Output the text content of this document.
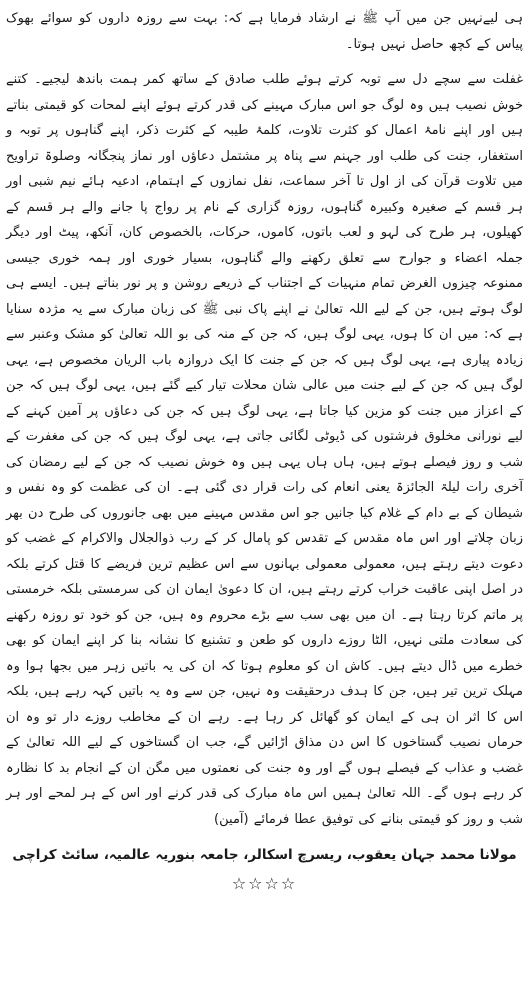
ہی لیےنہیں جن میں آپ ﷺ نے ارشاد فرمایا ہے کہ: بہت سے روزہ داروں کو سوائے بھوک پیاس کے کچھ حاصل نہیں ہوتا۔

غفلت سے سچے دل سے توبہ کرتے ہوئے طلب صادق کے ساتھ کمر ہمت باندھ لیجیے۔ کتنے خوش نصیب ہیں وہ لوگ جو اس مبارک مہینے کی قدر کرتے ہوئے اپنے لمحات کو قیمتی بناتے ہیں اور اپنے نامۂ اعمال کو کثرت تلاوت، کلمۂ طیبہ کے کثرت ذکر، اپنے گناہوں پر توبہ و استغفار، جنت کی طلب اور جہنم سے پناہ پر مشتمل دعاؤں اور نماز پنجگانہ وصلوۃ تراویح میں تلاوت قرآن کی از اول تا آخر سماعت، نفل نمازوں کے اہتمام، ادعیہ ہائے نیم شبی اور ہر قسم کے صغیرہ وکبیرہ گناہوں، روزہ گزاری کے نام پر رواج پا جانے والے ہر قسم کے کھیلوں، ہر طرح کی لہو و لعب باتوں، کاموں، حرکات، بالخصوص کان، آنکھ، پیٹ اور دیگر جملہ اعضاء و جوارح سے تعلق رکھنے والے گناہوں، بسیار خوری اور ہمہ خوری جیسی ممنوعہ چیزوں الغرض تمام منہیات کے اجتناب کے ذریعے روشن و پر نور بناتے ہیں۔ ایسے ہی لوگ ہوتے ہیں، جن کے لیے اللہ تعالیٰ نے اپنے پاک نبی ﷺ کی زبان مبارک سے یہ مژدہ سنایا ہے کہ: میں ان کا ہوں، یہی لوگ ہیں، کہ جن کے منہ کی بو اللہ تعالیٰ کو مشک وعنبر سے زیادہ پیاری ہے، یہی لوگ ہیں کہ جن کے جنت کا ایک دروازہ باب الریان مخصوص ہے، یہی لوگ ہیں کہ جن کے لیے جنت میں عالی شان محلات تیار کیے گئے ہیں، یہی لوگ ہیں کہ جن کے اعزاز میں جنت کو مزین کیا جاتا ہے، یہی لوگ ہیں کہ جن کی دعاؤں پر آمین کہنے کے لیے نورانی مخلوق فرشتوں کی ڈیوٹی لگائی جاتی ہے، یہی لوگ ہیں کہ جن کی مغفرت کے شب و روز فیصلے ہوتے ہیں، ہاں ہاں یہی ہیں وہ خوش نصیب کہ جن کے لیے رمضان کی آخری رات لیلۃ الجائزۃ یعنی انعام کی رات قرار دی گئی ہے۔ ان کی عظمت کو وہ نفس و شیطان کے بے دام کے غلام کیا جانیں جو اس مقدس مہینے میں بھی جانوروں کی طرح دن بھر زبان چلاتے اور اس ماہ مقدس کے تقدس کو پامال کر کے رب ذوالجلال والاکرام کے غضب کو دعوت دیتے رہتے ہیں، معمولی معمولی بہانوں سے اس عظیم ترین فریضے کا قتل کرتے بلکہ در اصل اپنی عاقبت خراب کرتے رہتے ہیں، ان کا دعویٰ ایمان ان کی سرمستی بلکہ خرمستی پر ماتم کرتا رہتا ہے۔ ان میں بھی سب سے بڑے محروم وہ ہیں، جن کو خود تو روزہ رکھنے کی سعادت ملتی نہیں، الٹا روزے داروں کو طعن و تشنیع کا نشانہ بنا کر اپنے ایمان کو بھی خطرے میں ڈال دیتے ہیں۔ کاش ان کو معلوم ہوتا کہ ان کی یہ باتیں زہر میں بجھا ہوا وہ مہلک ترین تیر ہیں، جن کا ہدف درحقیقت وہ نہیں، جن سے وہ یہ باتیں کہہ رہے ہیں، بلکہ اس کا اثر ان ہی کے ایمان کو گھائل کر رہا ہے۔ رہے ان کے مخاطب روزے دار تو وہ ان حرماں نصیب گستاخوں کا اس دن مذاق اڑائیں گے، جب ان گستاخوں کے لیے اللہ تعالیٰ کے غضب و عذاب کے فیصلے ہوں گے اور وہ جنت کی نعمتوں میں مگن ان کے انجام بد کا نظارہ کر رہے ہوں گے۔ اللہ تعالیٰ ہمیں اس ماہ مبارک کی قدر کرنے اور اس کے ہر لمحے اور ہر شب و روز کو قیمتی بنانے کی توفیق عطا فرمائے (آمین)

مولانا محمد جہان یعقوب، ریسرچ اسکالر، جامعہ بنوریہ عالمیہ، سائٹ کراچی
☆☆☆☆
